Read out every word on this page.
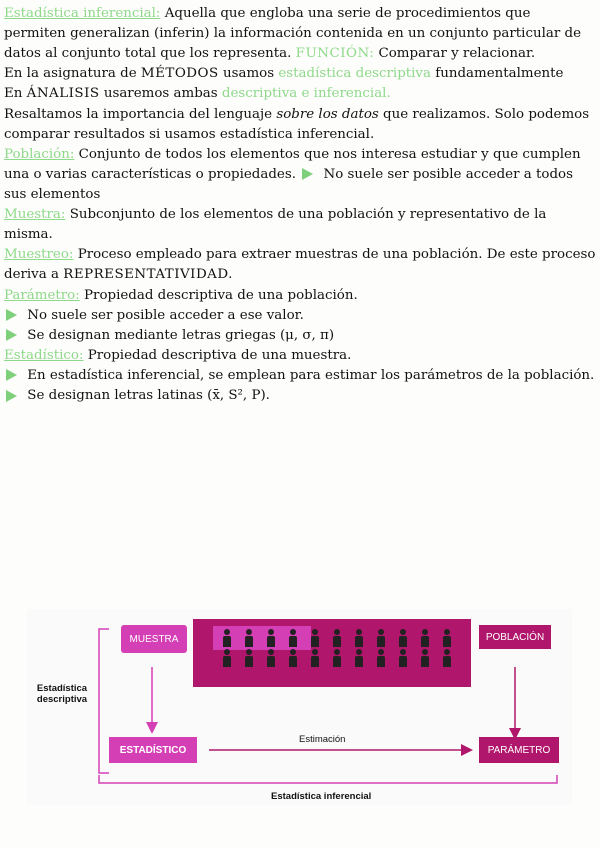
Estadística inferencial: Aquella que engloba una serie de procedimientos que permiten generalizan (inferin) la información contenida en un conjunto particular de datos al conjunto total que los representa. FUNCIÓN: Comparar y relacionar.

En la asignatura de MÉTODOS usamos estadística descriptiva fundamentalmente

En ÁNALISIS usaremos ambas descriptiva e inferencial.

Resaltamos la importancia del lenguaje sobre los datos que realizamos. Solo podemos comparar resultados si usamos estadística inferencial.

Población: Conjunto de todos los elementos que nos interesa estudiar y que cumplen una o varias características o propiedades. No suele ser posible acceder a todos sus elementos

Muestra: Subconjunto de los elementos de una población y representativo de la misma.

Muestreo: Proceso empleado para extraer muestras de una población. De este proceso deriva a REPRESENTATIVIDAD.

Parámetro: Propiedad descriptiva de una población.

No suele ser posible acceder a ese valor.

Se designan mediante letras griegas (μ, σ, π)

Estadístico: Propiedad descriptiva de una muestra.

En estadística inferencial, se emplean para estimar los parámetros de la población.

Se designan letras latinas (x̄, S², P).

MUESTRA	POBLACIÓN
ESTADÍSTICO	PARÁMETRO
Estimación
Estadística descriptiva
Estadística inferencial
